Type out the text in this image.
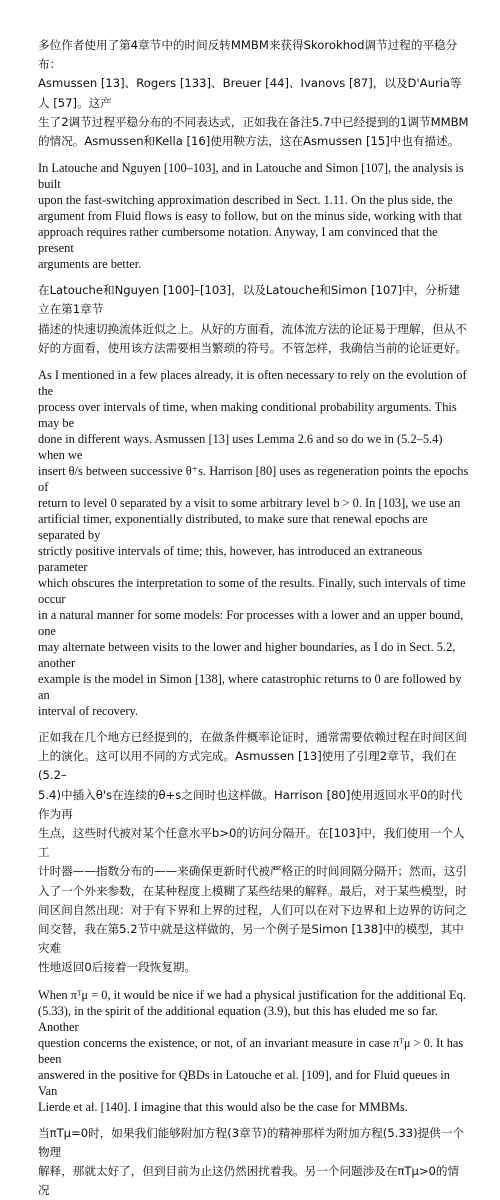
多位作者使用了第4章节中的时间反转MMBM来获得Skorokhod调节过程的平稳分布：
Asmussen [13]、Rogers [133]、Breuer [44]、Ivanovs [87]，以及D'Auria等人 [57]。这产
生了2调节过程平稳分布的不同表达式，正如我在备注5.7中已经提到的1调节MMBM
的情况。Asmussen和Kella [16]使用鞅方法，这在Asmussen [15]中也有描述。

In Latouche and Nguyen [100–103], and in Latouche and Simon [107], the analysis is built
upon the fast-switching approximation described in Sect. 1.11. On the plus side, the
argument from Fluid flows is easy to follow, but on the minus side, working with that
approach requires rather cumbersome notation. Anyway, I am convinced that the present
arguments are better.

在Latouche和Nguyen [100]–[103]，以及Latouche和Simon [107]中，分析建立在第1章节
描述的快速切换流体近似之上。从好的方面看，流体流方法的论证易于理解，但从不
好的方面看，使用该方法需要相当繁琐的符号。不管怎样，我确信当前的论证更好。

As I mentioned in a few places already, it is often necessary to rely on the evolution of the
process over intervals of time, when making conditional probability arguments. This may be
done in different ways. Asmussen [13] uses Lemma 2.6 and so do we in (5.2–5.4) when we
insert θ/s between successive θ⁺s. Harrison [80] uses as regeneration points the epochs of
return to level 0 separated by a visit to some arbitrary level b > 0. In [103], we use an
artificial timer, exponentially distributed, to make sure that renewal epochs are separated by
strictly positive intervals of time; this, however, has introduced an extraneous parameter
which obscures the interpretation to some of the results. Finally, such intervals of time occur
in a natural manner for some models: For processes with a lower and an upper bound, one
may alternate between visits to the lower and higher boundaries, as I do in Sect. 5.2, another
example is the model in Simon [138], where catastrophic returns to 0 are followed by an
interval of recovery.

正如我在几个地方已经提到的，在做条件概率论证时，通常需要依赖过程在时间区间
上的演化。这可以用不同的方式完成。Asmussen [13]使用了引理2章节，我们在(5.2–
5.4)中插入θ's在连续的θ+s之间时也这样做。Harrison [80]使用返回水平0的时代作为再
生点，这些时代被对某个任意水平b>0的访问分隔开。在[103]中，我们使用一个人工
计时器——指数分布的——来确保更新时代被严格正的时间间隔分隔开；然而，这引
入了一个外来参数，在某种程度上模糊了某些结果的解释。最后，对于某些模型，时
间区间自然出现：对于有下界和上界的过程，人们可以在对下边界和上边界的访问之
间交替，我在第5.2节中就是这样做的，另一个例子是Simon [138]中的模型，其中灾难
性地返回0后接着一段恢复期。

When πᵀμ = 0, it would be nice if we had a physical justification for the additional Eq.
(5.33), in the spirit of the additional equation (3.9), but this has eluded me so far. Another
question concerns the existence, or not, of an invariant measure in case πᵀμ > 0. It has been
answered in the positive for QBDs in Latouche et al. [109], and for Fluid queues in Van
Lierde et al. [140]. I imagine that this would also be the case for MMBMs.

当πTμ=0时，如果我们能够附加方程(3章节)的精神那样为附加方程(5.33)提供一个物理
解释，那就太好了，但到目前为止这仍然困扰着我。另一个问题涉及在πTμ>0的情况
